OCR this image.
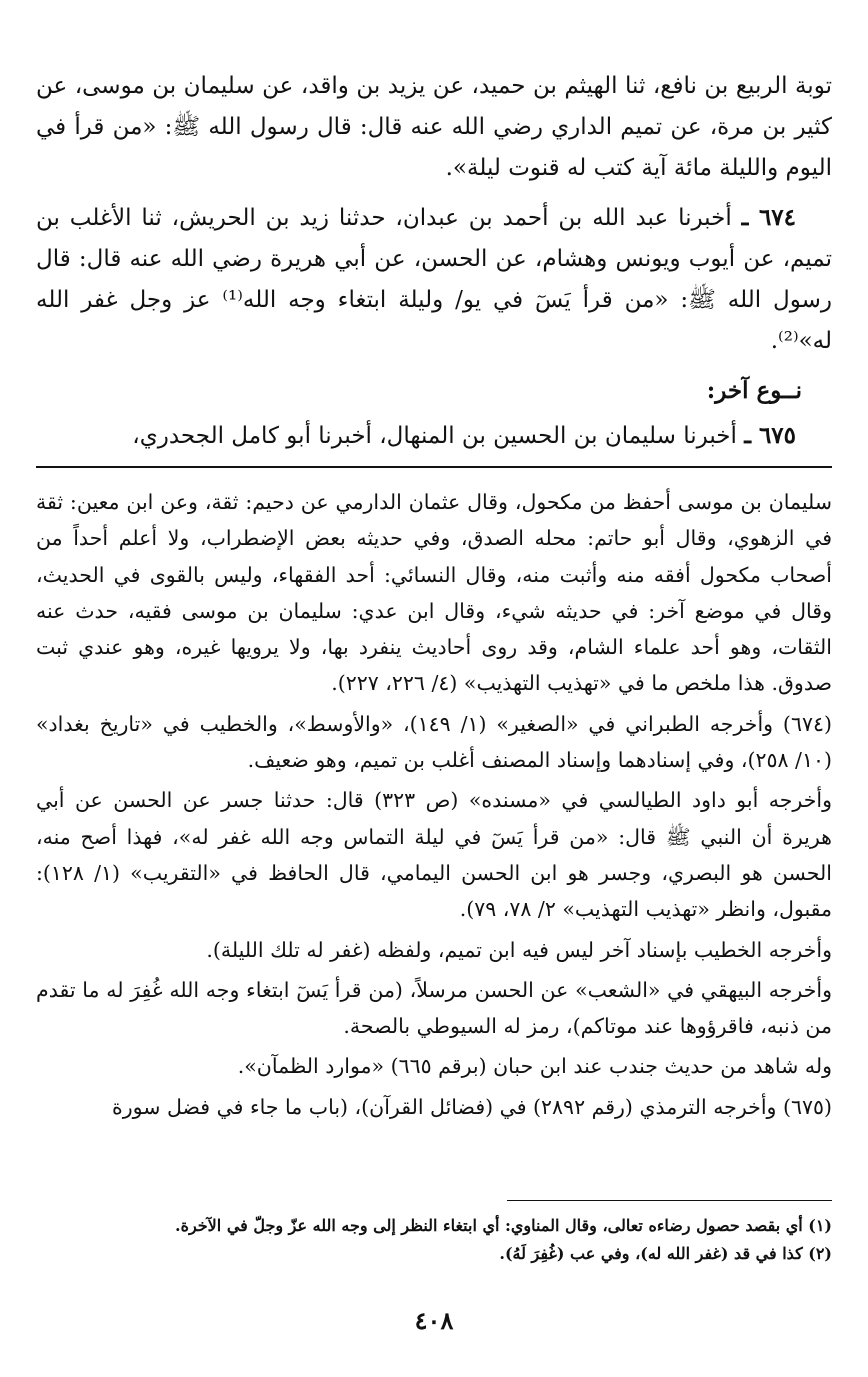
توبة الربيع بن نافع، ثنا الهيثم بن حميد، عن يزيد بن واقد، عن سليمان بن موسى، عن كثير بن مرة، عن تميم الداري رضي الله عنه قال: قال رسول الله ﷺ: «من قرأ في اليوم والليلة مائة آية كتب له قنوت ليلة».

٦٧٤ ـ أخبرنا عبد الله بن أحمد بن عبدان، حدثنا زيد بن الحريش، ثنا الأغلب بن تميم، عن أيوب ويونس وهشام، عن الحسن، عن أبي هريرة رضي الله عنه قال: قال رسول الله ﷺ: «من قرأ يَسٓ في يو/ وليلة ابتغاء وجه الله⁽¹⁾ عز وجل غفر الله له»⁽²⁾.

نــوع آخر:

٦٧٥ ـ أخبرنا سليمان بن الحسين بن المنهال، أخبرنا أبو كامل الجحدري،

سليمان بن موسى أحفظ من مكحول، وقال عثمان الدارمي عن دحيم: ثقة، وعن ابن معين: ثقة في الزهوي، وقال أبو حاتم: محله الصدق، وفي حديثه بعض الإضطراب، ولا أعلم أحداً من أصحاب مكحول أفقه منه وأثبت منه، وقال النسائي: أحد الفقهاء، وليس بالقوى في الحديث، وقال في موضع آخر: في حديثه شيء، وقال ابن عدي: سليمان بن موسى فقيه، حدث عنه الثقات، وهو أحد علماء الشام، وقد روى أحاديث ينفرد بها، ولا يرويها غيره، وهو عندي ثبت صدوق. هذا ملخص ما في «تهذيب التهذيب» (٤/ ٢٢٦، ٢٢٧).

(٦٧٤) وأخرجه الطبراني في «الصغير» (١/ ١٤٩)، «والأوسط»، والخطيب في «تاريخ بغداد» (١٠/ ٢٥٨)، وفي إسنادهما وإسناد المصنف أغلب بن تميم، وهو ضعيف.

وأخرجه أبو داود الطيالسي في «مسنده» (ص ٣٢٣) قال: حدثنا جسر عن الحسن عن أبي هريرة أن النبي ﷺ قال: «من قرأ يَسٓ في ليلة التماس وجه الله غفر له»، فهذا أصح منه، الحسن هو البصري، وجسر هو ابن الحسن اليمامي، قال الحافظ في «التقريب» (١/ ١٢٨): مقبول، وانظر «تهذيب التهذيب» ٢/ ٧٨، ٧٩).

وأخرجه الخطيب بإسناد آخر ليس فيه ابن تميم، ولفظه (غفر له تلك الليلة).

وأخرجه البيهقي في «الشعب» عن الحسن مرسلاً، (من قرأ يَسٓ ابتغاء وجه الله غُفِرَ له ما تقدم من ذنبه، فاقرؤوها عند موتاكم)، رمز له السيوطي بالصحة.

وله شاهد من حديث جندب عند ابن حبان (برقم ٦٦٥) «موارد الظمآن».

(٦٧٥) وأخرجه الترمذي (رقم ٢٨٩٢) في (فضائل القرآن)، (باب ما جاء في فضل سورة

(١) أي بقصد حصول رضاءه تعالى، وقال المناوي: أي ابتغاء النظر إلى وجه الله عزّ وجلّ في الآخرة.

(٢) كذا في قد (غفر الله له)، وفي عب (غُفِرَ لَهُ).

٤٠٨
